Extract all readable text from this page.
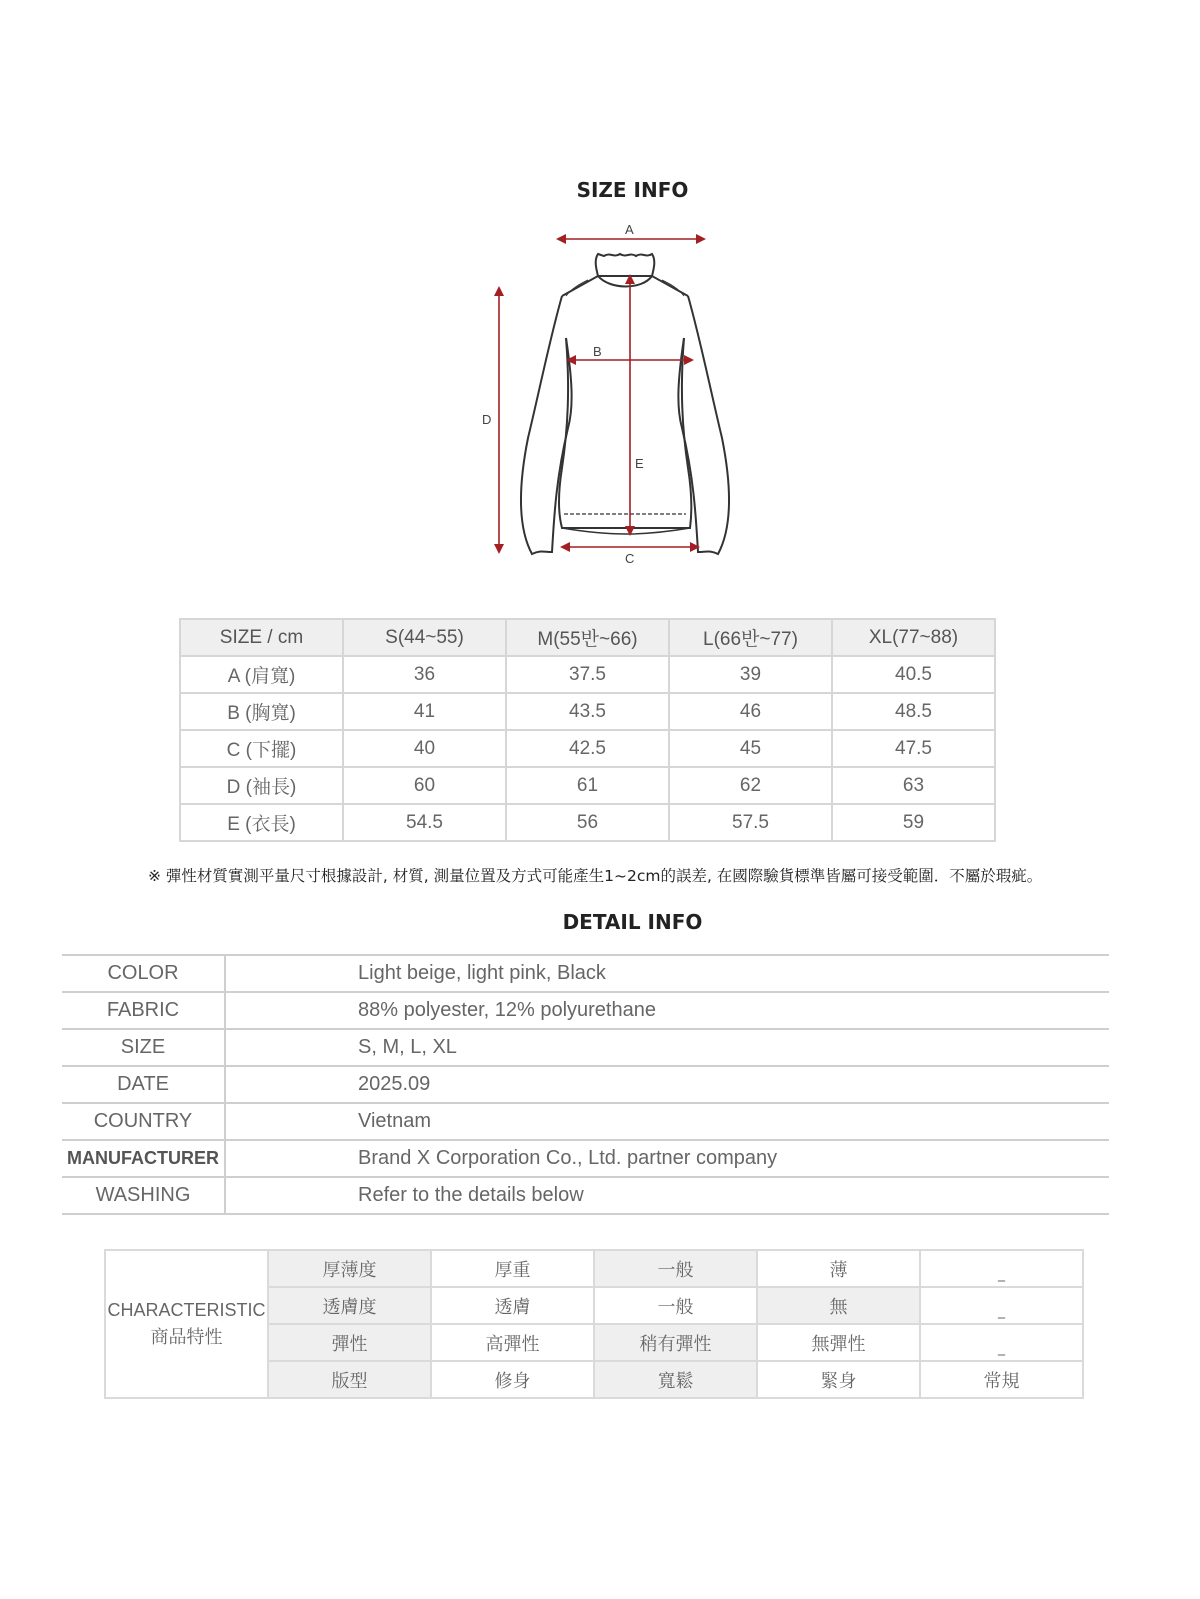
SIZE INFO
A
B
C
D
E
SIZE / cm	S(44~55)	M(55반~66)	L(66반~77)	XL(77~88)
A (肩寬)	36	37.5	39	40.5
B (胸寬)	41	43.5	46	48.5
C (下擺)	40	42.5	45	47.5
D (袖長)	60	61	62	63
E (衣長)	54.5	56	57.5	59
※ 彈性材質實測平量尺寸根據設計, 材質, 測量位置及方式可能產生1~2cm的誤差, 在國際驗貨標準皆屬可接受範圍．不屬於瑕疵。
DETAIL INFO
COLOR	Light beige, light pink, Black
FABRIC	88% polyester, 12% polyurethane
SIZE	S, M, L, XL
DATE	2025.09
COUNTRY	Vietnam
MANUFACTURER	Brand X Corporation Co., Ltd. partner company
WASHING	Refer to the details below
CHARACTERISTIC
商品特性	厚薄度	厚重	一般	薄	_
	透膚度	透膚	一般	無	_
	彈性	高彈性	稍有彈性	無彈性	_
	版型	修身	寬鬆	緊身	常規
